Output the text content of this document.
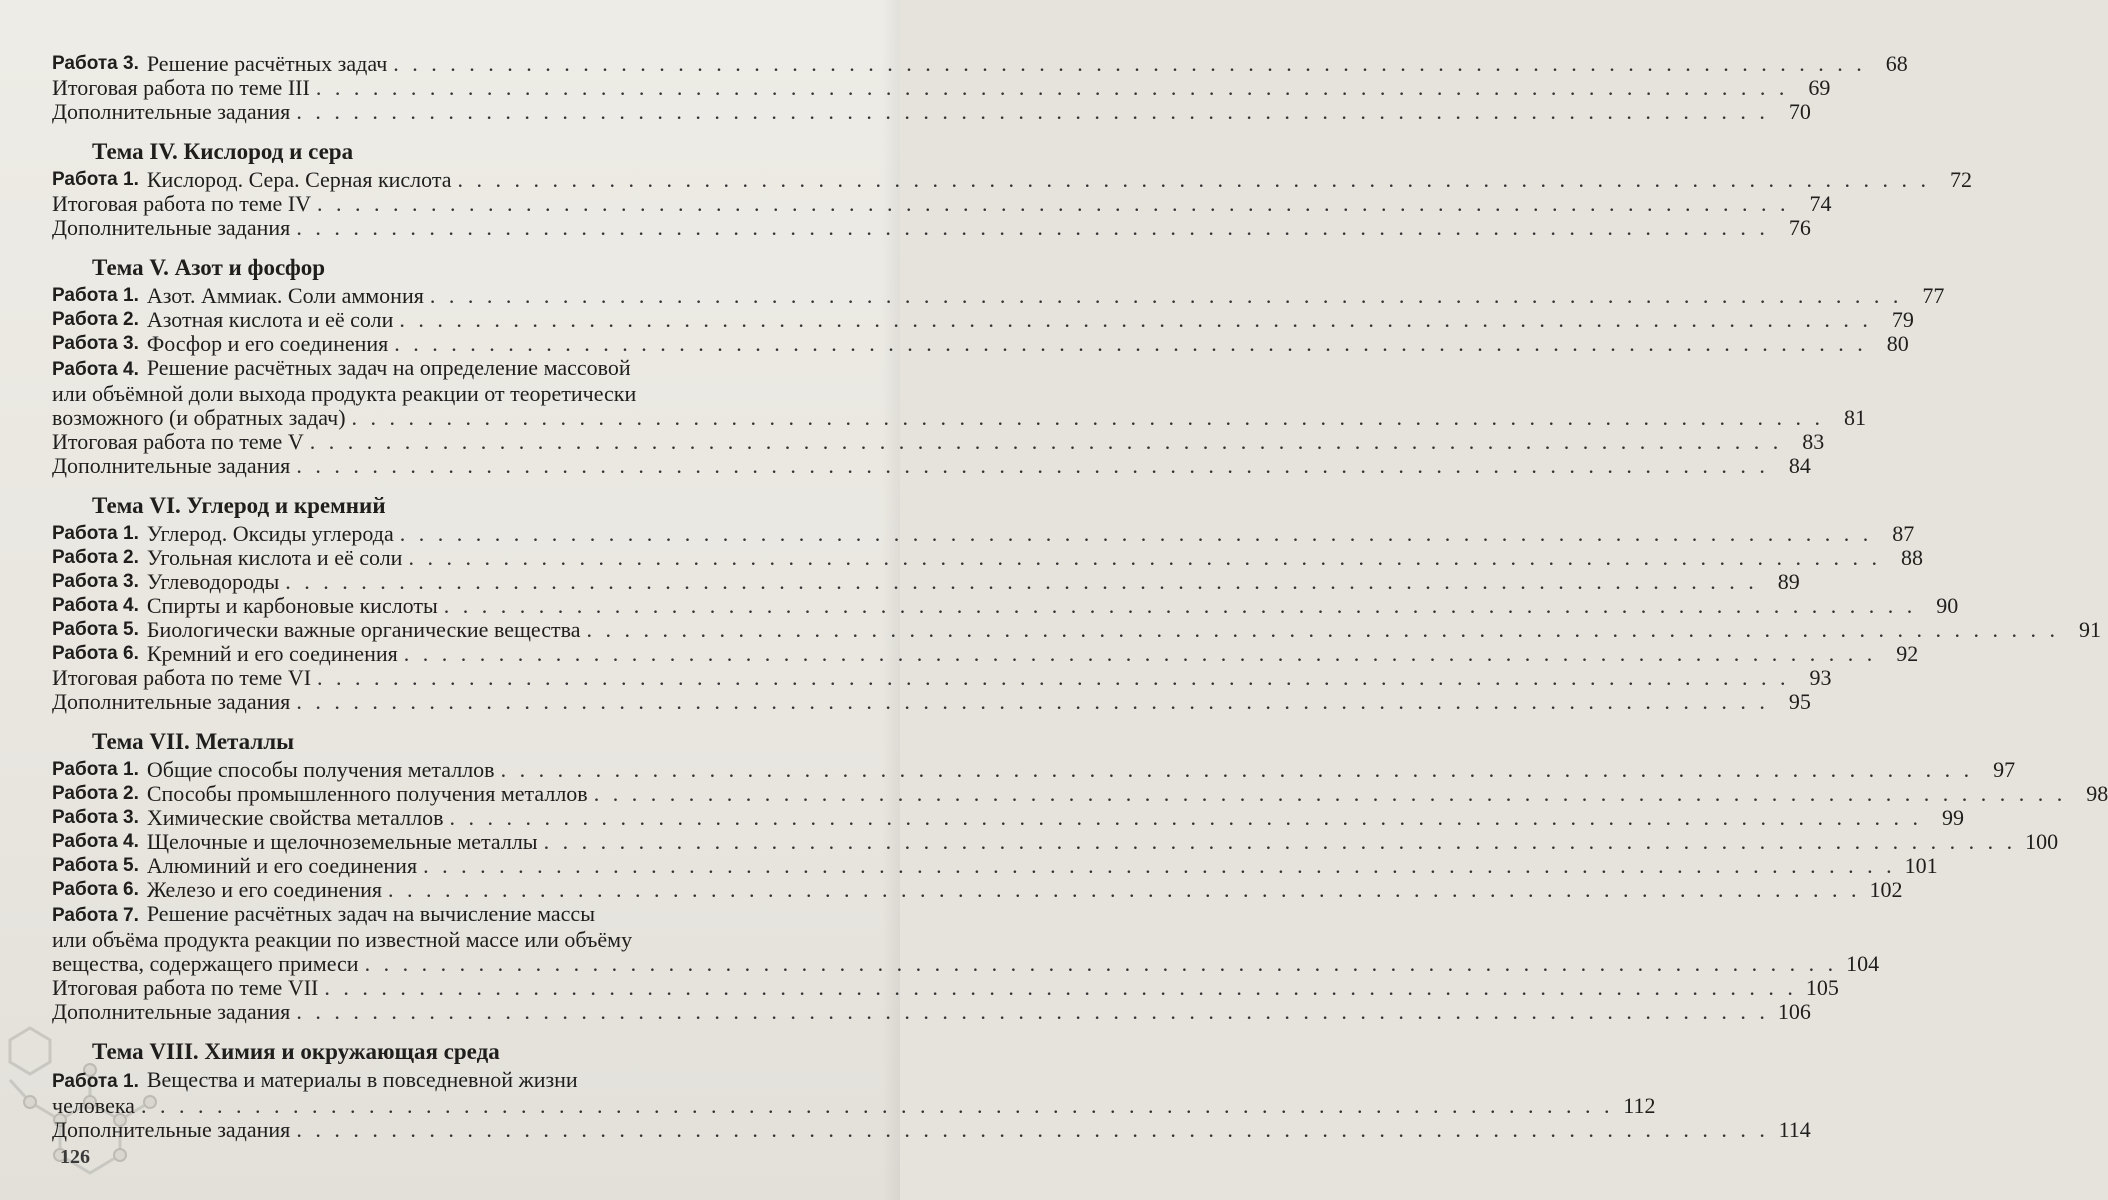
Работа 3. Решение расчётных задач . . .	68
Итоговая работа по теме III . . .	69
Дополнительные задания . . .	70
Тема IV. Кислород и сера
Работа 1. Кислород. Сера. Серная кислота . . .	72
Итоговая работа по теме IV . . .	74
Дополнительные задания . . .	76
Тема V. Азот и фосфор
Работа 1. Азот. Аммиак. Соли аммония . . .	77
Работа 2. Азотная кислота и её соли . . .	79
Работа 3. Фосфор и его соединения . . .	80
Работа 4. Решение расчётных задач на определение массовой
или объёмной доли выхода продукта реакции от теоретически
возможного (и обратных задач) . . .	81
Итоговая работа по теме V . . .	83
Дополнительные задания . . .	84
Тема VI. Углерод и кремний
Работа 1. Углерод. Оксиды углерода . . .	87
Работа 2. Угольная кислота и её соли . . .	88
Работа 3. Углеводороды . . .	89
Работа 4. Спирты и карбоновые кислоты . . .	90
Работа 5. Биологически важные органические вещества . . .	91
Работа 6. Кремний и его соединения . . .	92
Итоговая работа по теме VI . . .	93
Дополнительные задания . . .	95
Тема VII. Металлы
Работа 1. Общие способы получения металлов . . .	97
Работа 2. Способы промышленного получения металлов . . .	98
Работа 3. Химические свойства металлов . . .	99
Работа 4. Щелочные и щелочноземельные металлы . . .	100
Работа 5. Алюминий и его соединения . . .	101
Работа 6. Железо и его соединения . . .	102
Работа 7. Решение расчётных задач на вычисление массы
или объёма продукта реакции по известной массе или объёму
вещества, содержащего примеси . . .	104
Итоговая работа по теме VII . . .	105
Дополнительные задания . . .	106
Тема VIII. Химия и окружающая среда
Работа 1. Вещества и материалы в повседневной жизни
человека . . .	112
Дополнительные задания . . .	114
126
